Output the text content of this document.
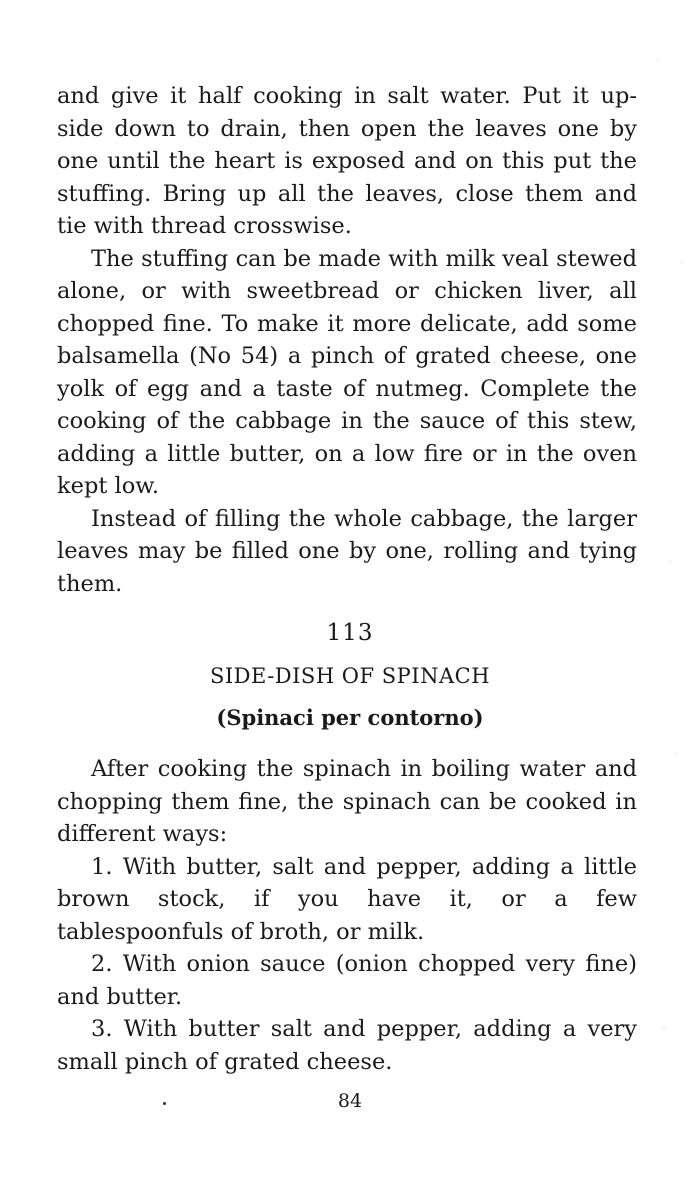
and give it half cooking in salt water. Put it up-side down to drain, then open the leaves one by one until the heart is exposed and on this put the stuffing. Bring up all the leaves, close them and tie with thread crosswise.

The stuffing can be made with milk veal stewed alone, or with sweetbread or chicken liver, all chopped fine. To make it more delicate, add some balsamella (No 54) a pinch of grated cheese, one yolk of egg and a taste of nutmeg. Complete the cooking of the cabbage in the sauce of this stew, adding a little butter, on a low fire or in the oven kept low.

Instead of filling the whole cabbage, the larger leaves may be filled one by one, rolling and tying them.

113
SIDE-DISH OF SPINACH
(Spinaci per contorno)

After cooking the spinach in boiling water and chopping them fine, the spinach can be cooked in different ways:

1. With butter, salt and pepper, adding a little brown stock, if you have it, or a few tablespoonfuls of broth, or milk.

2. With onion sauce (onion chopped very fine) and butter.

3. With butter salt and pepper, adding a very small pinch of grated cheese.

84
